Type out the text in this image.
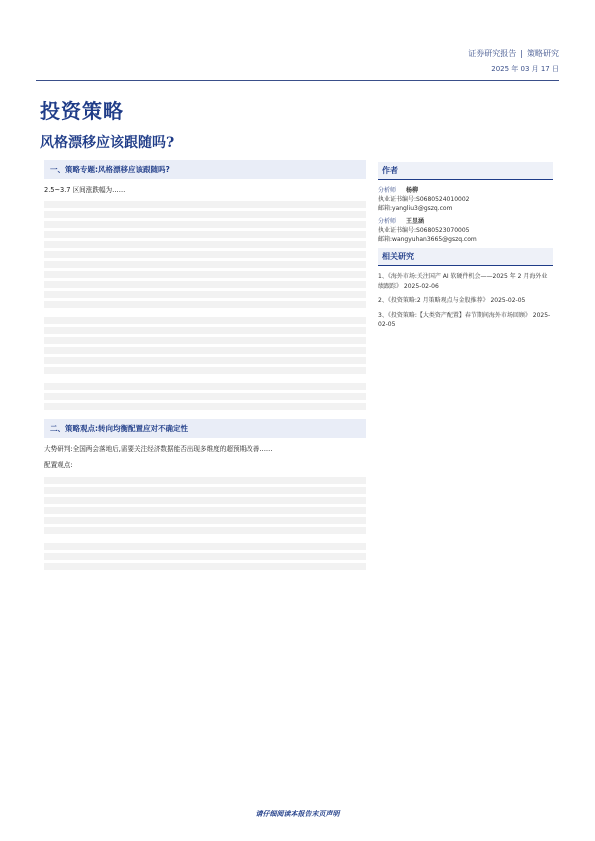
证券研究报告 | 策略研究
2025 年 03 月 17 日
投资策略
风格漂移应该跟随吗?
一、策略专题:风格漂移应该跟随吗?

2.5~3.7 区间涨跌幅为……

二、策略观点:转向均衡配置应对不确定性

大势研判:全国两会落地后,需要关注经济数据能否出现多维度的超预期改善……

配置观点:

作者
分析师 杨柳
执业证书编号:S0680524010002
邮箱:yangliu3@gszq.com
分析师 王昱涵
执业证书编号:S0680523070005
邮箱:wangyuhan3665@gszq.com
相关研究
1、《海外市场:关注国产 AI 软硬件机会——2025 年 2 月海外业绩跟踪》 2025-02-06
2、《投资策略:2 月策略观点与金股推荐》 2025-02-05
3、《投资策略:【大类资产配置】春节期间海外市场回顾》 2025-02-05
请仔细阅读本报告末页声明
